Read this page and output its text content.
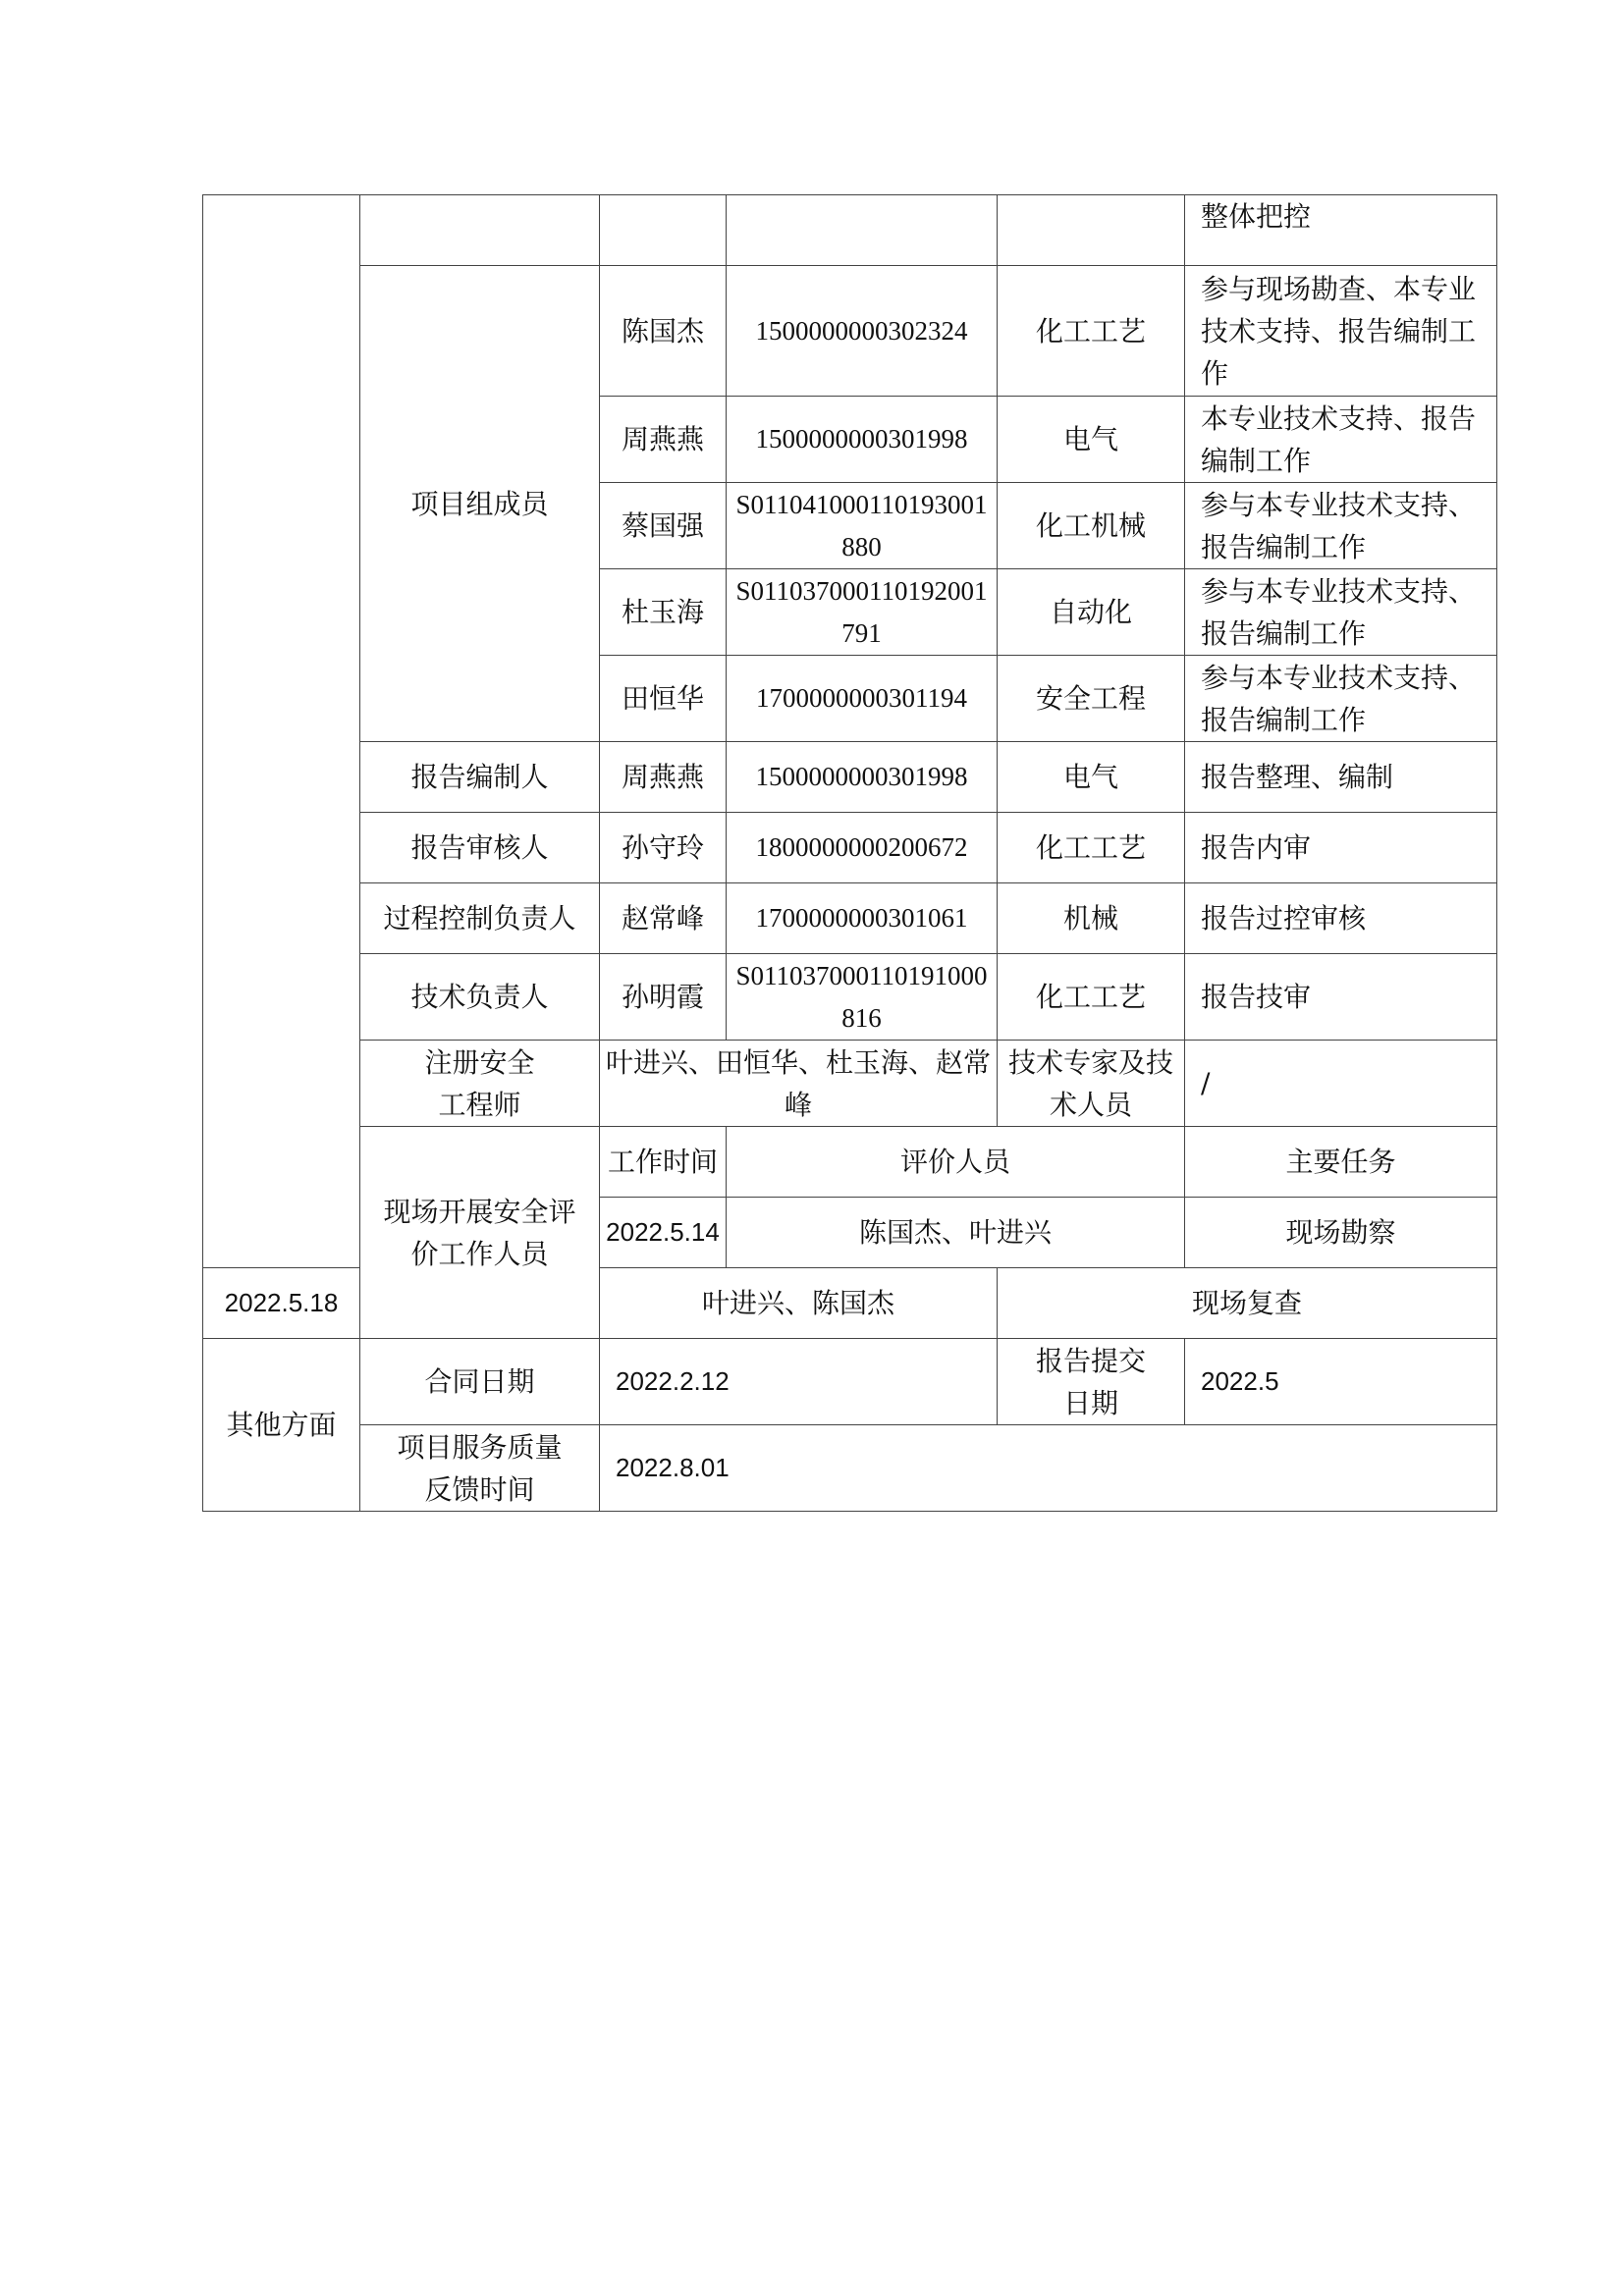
					整体把控
	项目组成员	陈国杰	1500000000302324	化工工艺	参与现场勘查、本专业技术支持、报告编制工作
		周燕燕	1500000000301998	电气	本专业技术支持、报告编制工作
		蔡国强	S011041000110193001880	化工机械	参与本专业技术支持、报告编制工作
		杜玉海	S011037000110192001791	自动化	参与本专业技术支持、报告编制工作
		田恒华	1700000000301194	安全工程	参与本专业技术支持、报告编制工作
	报告编制人	周燕燕	1500000000301998	电气	报告整理、编制
	报告审核人	孙守玲	1800000000200672	化工工艺	报告内审
	过程控制负责人	赵常峰	1700000000301061	机械	报告过控审核
	技术负责人	孙明霞	S011037000110191000816	化工工艺	报告技审
	注册安全工程师	叶进兴、田恒华、杜玉海、赵常峰		技术专家及技术人员	/
	现场开展安全评价工作人员	工作时间	评价人员		主要任务
		2022.5.14	陈国杰、叶进兴		现场勘察
2022.5.18		叶进兴、陈国杰		现场复查	
其他方面	合同日期	2022.2.12		报告提交日期	2022.5
	项目服务质量反馈时间	2022.8.01			
